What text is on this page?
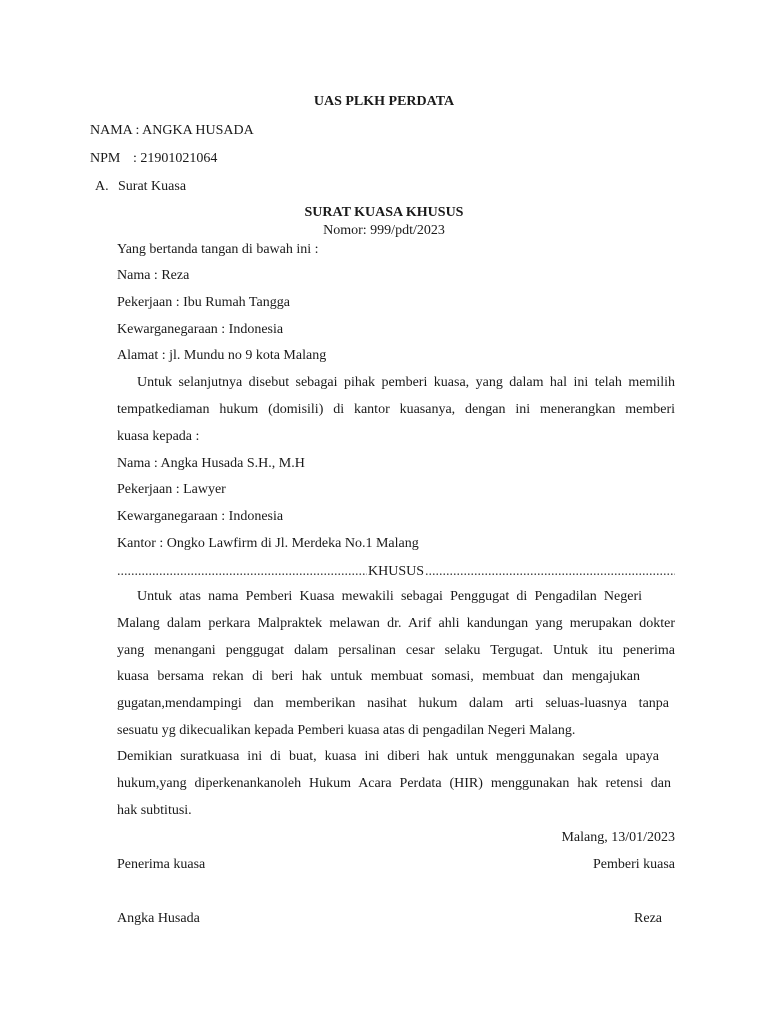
UAS PLKH PERDATA
NAMA : ANGKA HUSADA
NPM : 21901021064
A. Surat Kuasa
SURAT KUASA KHUSUS
Nomor: 999/pdt/2023
Yang bertanda tangan di bawah ini :
Nama : Reza
Pekerjaan : Ibu Rumah Tangga
Kewarganegaraan : Indonesia
Alamat : jl. Mundu no 9 kota Malang
Untuk selanjutnya disebut sebagai pihak pemberi kuasa, yang dalam hal ini telah memilih
tempatkediaman hukum (domisili) di kantor kuasanya, dengan ini menerangkan memberi
kuasa kepada :
Nama : Angka Husada S.H., M.H
Pekerjaan : Lawyer
Kewarganegaraan : Indonesia
Kantor : Ongko Lawfirm di Jl. Merdeka No.1 Malang
.....
KHUSUS
.....
Untuk atas nama Pemberi Kuasa mewakili sebagai Penggugat di Pengadilan Negeri
Malang dalam perkara Malpraktek melawan dr. Arif ahli kandungan yang merupakan dokter
yang menangani penggugat dalam persalinan cesar selaku Tergugat. Untuk itu penerima
kuasa bersama rekan di beri hak untuk membuat somasi, membuat dan mengajukan
gugatan,mendampingi dan memberikan nasihat hukum dalam arti seluas-luasnya tanpa
sesuatu yg dikecualikan kepada Pemberi kuasa atas di pengadilan Negeri Malang.
Demikian suratkuasa ini di buat, kuasa ini diberi hak untuk menggunakan segala upaya
hukum,yang diperkenankanoleh Hukum Acara Perdata (HIR) menggunakan hak retensi dan
hak subtitusi.
Malang, 13/01/2023
Penerima kuasa	Pemberi kuasa
Angka Husada	Reza
